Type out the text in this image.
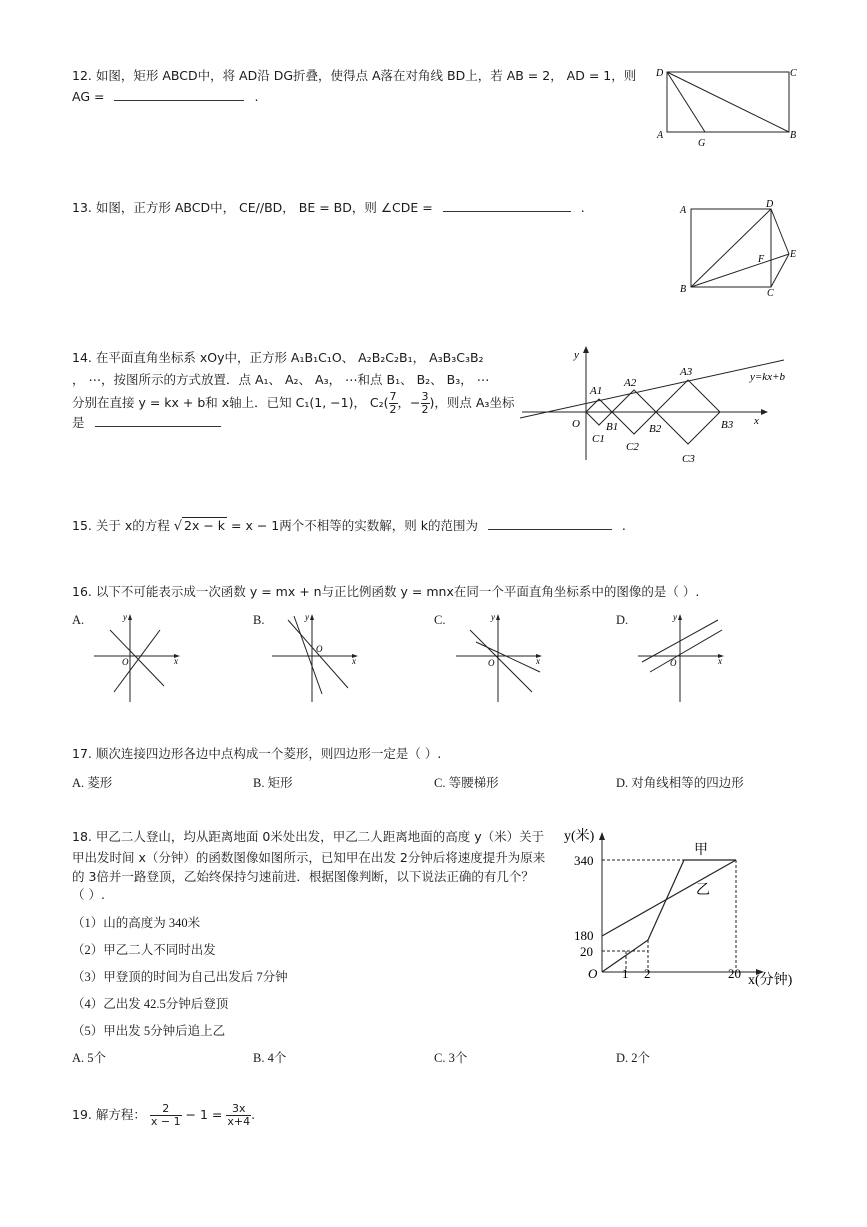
12. 如图，矩形 ABCD中，将 AD沿 DG折叠，使得点 A落在对角线 BD上，若 AB = 2， AD = 1，则
AG =	.
D	C
A
G
B
13. 如图，正方形 ABCD中， CE//BD， BE = BD，则 ∠CDE =	.	A
D
F	E
B	C
14. 在平面直角坐标系 xOy中，正方形 A₁B₁C₁O、 A₂B₂C₂B₁， A₃B₃C₃B₂
， ⋯，按图所示的方式放置．点 A₁、 A₂、 A₃， ⋯和点 B₁、 B₂、 B₃， ⋯
分别在直接 y = kx + b和 x轴上．已知 C₁(1, −1)， $C_2( \frac{7}{2}$ ，− $\frac{3}{2}$ )，则点 A₃坐标
是
y
A1
A2
A3	y=kx+b
O B1	B2	B3 x
C1
C2
C3
15. 关于 x的方程 √ 2x − k = x − 1两个不相等的实数解，则 k的范围为	.
16. 以下不可能表示成一次函数 y = mx + n与正比例函数 y = mnx在同一个平面直角坐标系中的图像的是（ ）.
A.	B.	C.	D.
y
O	x
y
O
x
y
O	x
y
O	x
17. 顺次连接四边形各边中点构成一个菱形，则四边形一定是（ ）.
A. 菱形	B. 矩形	C. 等腰梯形	D. 对角线相等的四边形
18. 甲乙二人登山，均从距离地面 0米处出发，甲乙二人距离地面的高度 y（米）关于
甲出发时间 x（分钟）的函数图像如图所示，已知甲在出发 2分钟后将速度提升为原来
的 3倍并一路登顶，乙始终保持匀速前进．根据图像判断，以下说法正确的有几个？
（ ）.
（1）山的高度为 340米
（2）甲乙二人不同时出发
（3）甲登顶的时间为自己出发后 7分钟
（4）乙出发 42.5分钟后登顶
（5）甲出发 5分钟后追上乙
A. 5个	B. 4个	C. 3个	D. 2个
y(米)
x(分钟)
340
180
20
O 1 2	20
甲
乙
19. 解方程： $\frac{2}{x - 1} - 1 = \frac{3x}{x+4}$ .
